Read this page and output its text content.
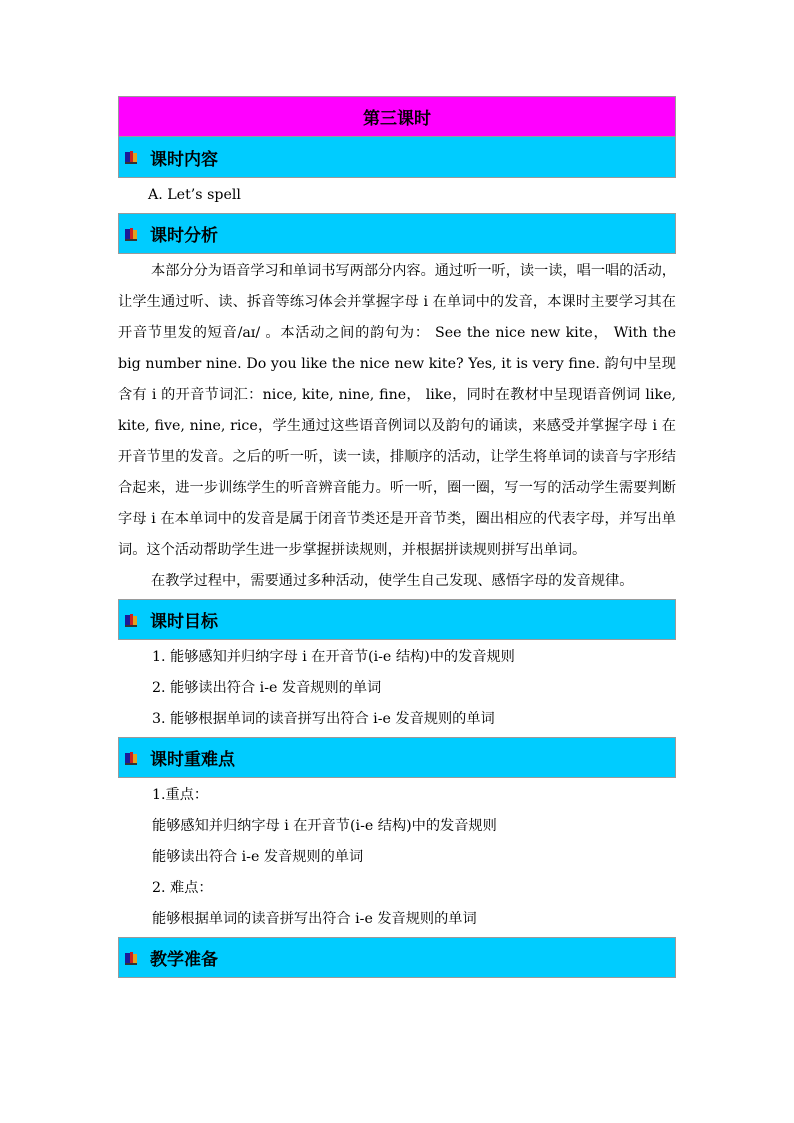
第三课时
课时内容

A. Let’s spell

课时分析

本部分分为语音学习和单词书写两部分内容。通过听一听，读一读，唱一唱的活动，让学生通过听、读、拆音等练习体会并掌握字母 i 在单词中的发音，本课时主要学习其在开音节里发的短音/aɪ/ 。本活动之间的韵句为： See the nice new kite， With the big number nine. Do you like the nice new kite? Yes, it is very fine. 韵句中呈现含有 i 的开音节词汇：nice, kite, nine, fine， like，同时在教材中呈现语音例词 like, kite, five, nine, rice，学生通过这些语音例词以及韵句的诵读，来感受并掌握字母 i 在开音节里的发音。之后的听一听，读一读，排顺序的活动，让学生将单词的读音与字形结合起来，进一步训练学生的听音辨音能力。听一听，圈一圈，写一写的活动学生需要判断字母 i 在本单词中的发音是属于闭音节类还是开音节类，圈出相应的代表字母，并写出单词。这个活动帮助学生进一步掌握拼读规则，并根据拼读规则拼写出单词。

在教学过程中，需要通过多种活动，使学生自己发现、感悟字母的发音规律。

课时目标

1. 能够感知并归纳字母 i 在开音节(i-e 结构)中的发音规则

2. 能够读出符合 i-e 发音规则的单词

3. 能够根据单词的读音拼写出符合 i-e 发音规则的单词

课时重难点

1.重点：

能够感知并归纳字母 i 在开音节(i-e 结构)中的发音规则

能够读出符合 i-e 发音规则的单词

2. 难点：

能够根据单词的读音拼写出符合 i-e 发音规则的单词

教学准备
